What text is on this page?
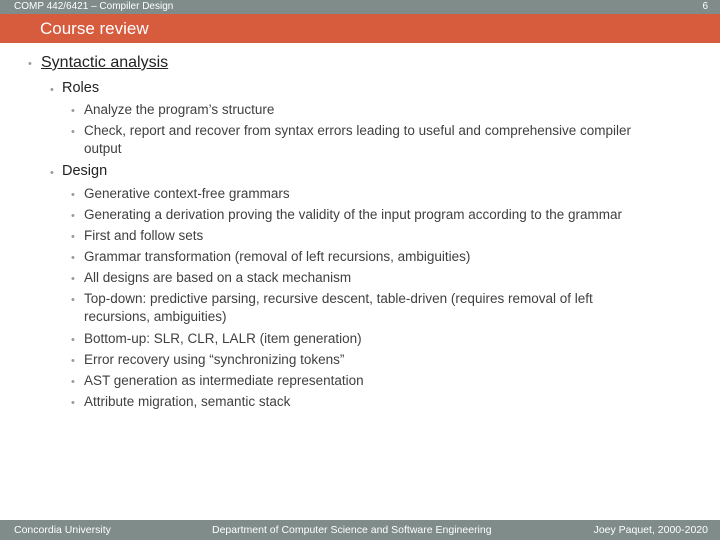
COMP 442/6421 – Compiler Design	6
Course review
• Syntactic analysis
• Roles
• Analyze the program’s structure
• Check, report and recover from syntax errors leading to useful and comprehensive compiler
output
• Design
• Generative context-free grammars
• Generating a derivation proving the validity of the input program according to the grammar
• First and follow sets
• Grammar transformation (removal of left recursions, ambiguities)
• All designs are based on a stack mechanism
• Top-down: predictive parsing, recursive descent, table-driven (requires removal of left
recursions, ambiguities)
• Bottom-up: SLR, CLR, LALR (item generation)
• Error recovery using “synchronizing tokens”
• AST generation as intermediate representation
• Attribute migration, semantic stack
Concordia University	Department of Computer Science and Software Engineering	Joey Paquet, 2000-2020
